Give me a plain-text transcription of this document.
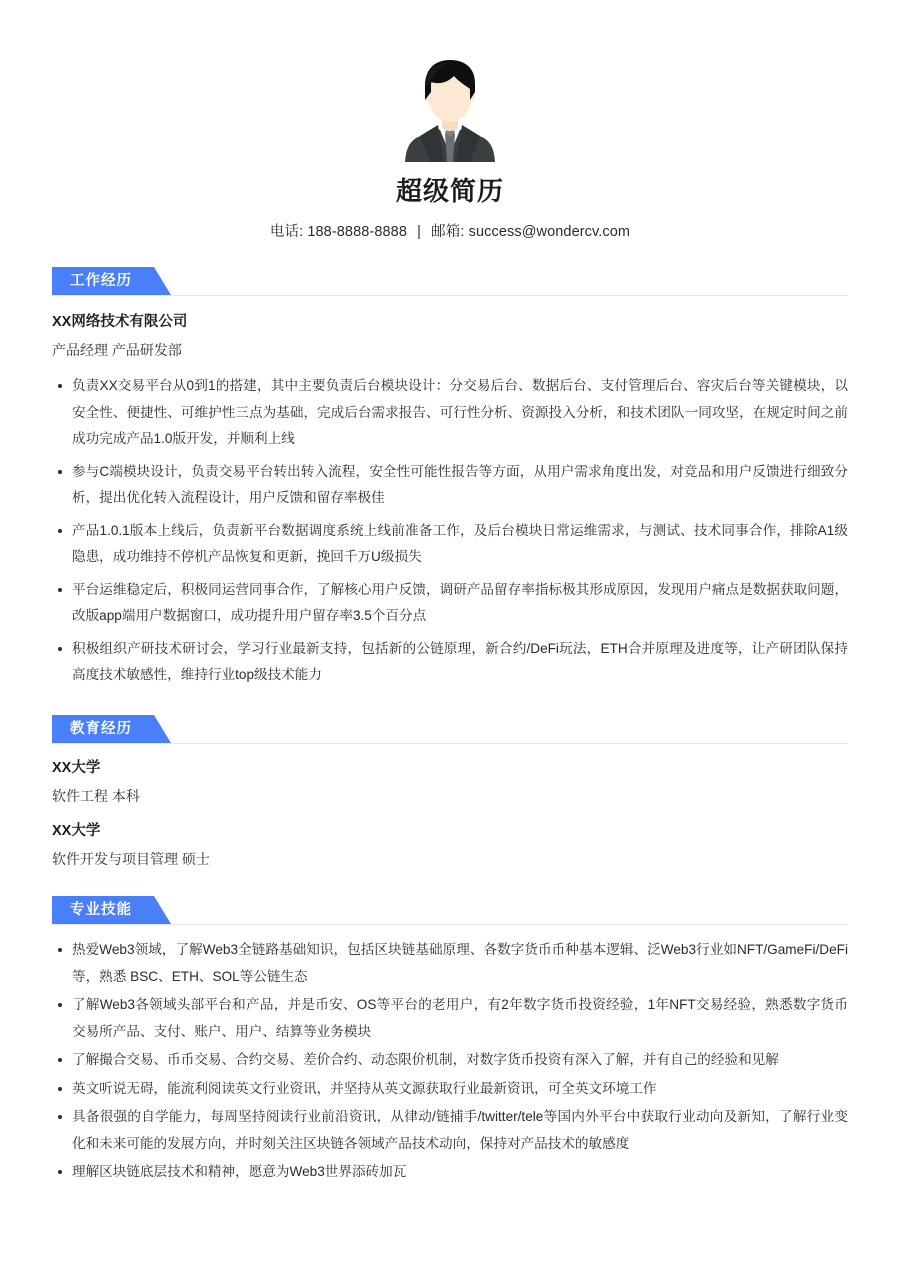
超级简历
电话: 188-8888-8888 | 邮箱: success@wondercv.com
工作经历
XX网络技术有限公司
产品经理 产品研发部
负责XX交易平台从0到1的搭建，其中主要负责后台模块设计：分交易后台、数据后台、支付管理后台、容灾后台等关键模块，以安全性、便捷性、可维护性三点为基础，完成后台需求报告、可行性分析、资源投入分析，和技术团队一同攻坚，在规定时间之前成功完成产品1.0版开发，并顺利上线
参与C端模块设计，负责交易平台转出转入流程，安全性可能性报告等方面，从用户需求角度出发，对竞品和用户反馈进行细致分析，提出优化转入流程设计，用户反馈和留存率极佳
产品1.0.1版本上线后，负责新平台数据调度系统上线前准备工作，及后台模块日常运维需求，与测试、技术同事合作，排除A1级隐患，成功维持不停机产品恢复和更新，挽回千万U级损失
平台运维稳定后，积极同运营同事合作，了解核心用户反馈，调研产品留存率指标极其形成原因，发现用户痛点是数据获取问题，改版app端用户数据窗口，成功提升用户留存率3.5个百分点
积极组织产研技术研讨会，学习行业最新支持，包括新的公链原理，新合约/DeFi玩法，ETH合并原理及进度等，让产研团队保持高度技术敏感性，维持行业top级技术能力
教育经历
XX大学
软件工程 本科
XX大学
软件开发与项目管理 硕士
专业技能
热爱Web3领域，了解Web3全链路基础知识，包括区块链基础原理、各数字货币币种基本逻辑、泛Web3行业如NFT/GameFi/DeFi等，熟悉 BSC、ETH、SOL等公链生态
了解Web3各领域头部平台和产品，并是币安、OS等平台的老用户，有2年数字货币投资经验，1年NFT交易经验，熟悉数字货币交易所产品、支付、账户、用户、结算等业务模块
了解撮合交易、币币交易、合约交易、差价合约、动态限价机制，对数字货币投资有深入了解，并有自己的经验和见解
英文听说无碍，能流利阅读英文行业资讯，并坚持从英文源获取行业最新资讯，可全英文环境工作
具备很强的自学能力，每周坚持阅读行业前沿资讯，从律动/链捕手/twitter/tele等国内外平台中获取行业动向及新知，了解行业变化和未来可能的发展方向，并时刻关注区块链各领域产品技术动向，保持对产品技术的敏感度
理解区块链底层技术和精神，愿意为Web3世界添砖加瓦
